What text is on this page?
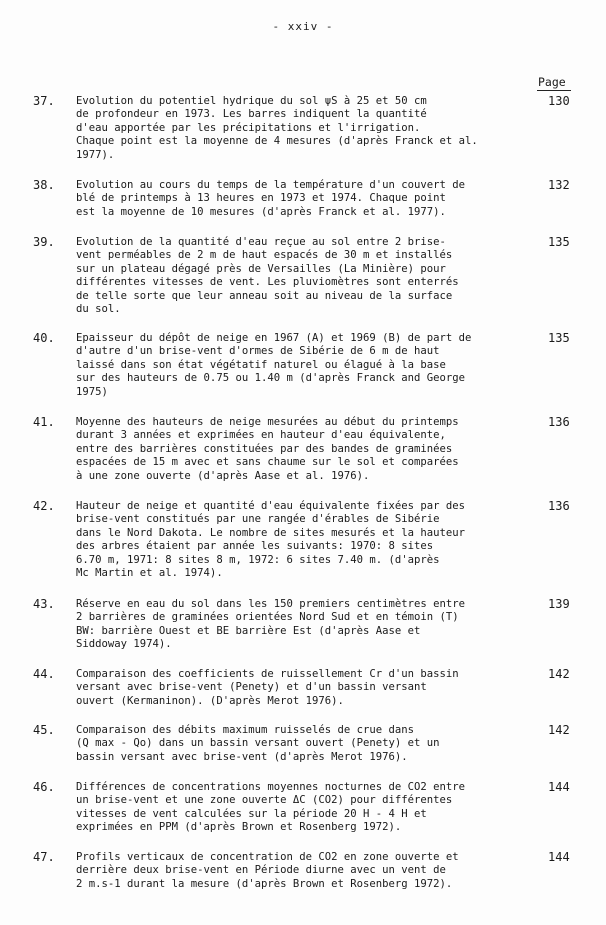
- xxiv -
Page
37. Evolution du potentiel hydrique du sol ψS à 25 et 50 cm
de profondeur en 1973. Les barres indiquent la quantité
d'eau apportée par les précipitations et l'irrigation.
Chaque point est la moyenne de 4 mesures (d'après Franck et al.
1977).
130
38. Evolution au cours du temps de la température d'un couvert de
blé de printemps à 13 heures en 1973 et 1974. Chaque point
est la moyenne de 10 mesures (d'après Franck et al. 1977).
132
39. Evolution de la quantité d'eau reçue au sol entre 2 brise-
vent perméables de 2 m de haut espacés de 30 m et installés
sur un plateau dégagé près de Versailles (La Minière) pour
différentes vitesses de vent. Les pluviomètres sont enterrés
de telle sorte que leur anneau soit au niveau de la surface
du sol.
135
40. Epaisseur du dépôt de neige en 1967 (A) et 1969 (B) de part de
d'autre d'un brise-vent d'ormes de Sibérie de 6 m de haut
laissé dans son état végétatif naturel ou élagué à la base
sur des hauteurs de 0.75 ou 1.40 m (d'après Franck and George
1975)
135
41. Moyenne des hauteurs de neige mesurées au début du printemps
durant 3 années et exprimées en hauteur d'eau équivalente,
entre des barrières constituées par des bandes de graminées
espacées de 15 m avec et sans chaume sur le sol et comparées
à une zone ouverte (d'après Aase et al. 1976).
136
42. Hauteur de neige et quantité d'eau équivalente fixées par des
brise-vent constitués par une rangée d'érables de Sibérie
dans le Nord Dakota. Le nombre de sites mesurés et la hauteur
des arbres étaient par année les suivants: 1970: 8 sites
6.70 m, 1971: 8 sites 8 m, 1972: 6 sites 7.40 m. (d'après
Mc Martin et al. 1974).
136
43. Réserve en eau du sol dans les 150 premiers centimètres entre
2 barrières de graminées orientées Nord Sud et en témoin (T)
BW: barrière Ouest et BE barrière Est (d'après Aase et
Siddoway 1974).
139
44. Comparaison des coefficients de ruissellement Cr d'un bassin
versant avec brise-vent (Penety) et d'un bassin versant
ouvert (Kermaninon). (D'après Merot 1976).
142
45. Comparaison des débits maximum ruisselés de crue dans
(Q max - Qo) dans un bassin versant ouvert (Penety) et un
bassin versant avec brise-vent (d'après Merot 1976).
142
46. Différences de concentrations moyennes nocturnes de CO2 entre
un brise-vent et une zone ouverte ΔC (CO2) pour différentes
vitesses de vent calculées sur la période 20 H - 4 H et
exprimées en PPM (d'après Brown et Rosenberg 1972).
144
47. Profils verticaux de concentration de CO2 en zone ouverte et
derrière deux brise-vent en Période diurne avec un vent de
2 m.s-1 durant la mesure (d'après Brown et Rosenberg 1972).
144
